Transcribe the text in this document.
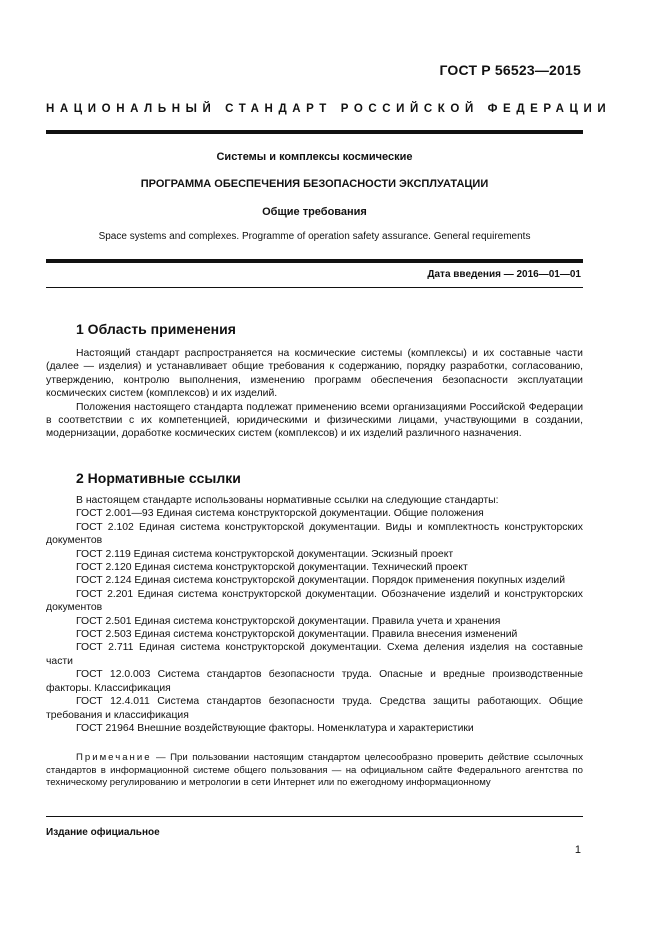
ГОСТ Р 56523—2015
НАЦИОНАЛЬНЫЙ СТАНДАРТ РОССИЙСКОЙ ФЕДЕРАЦИИ
Системы и комплексы космические
ПРОГРАММА ОБЕСПЕЧЕНИЯ БЕЗОПАСНОСТИ ЭКСПЛУАТАЦИИ
Общие требования
Space systems and complexes. Programme of operation safety assurance. General requirements
Дата введения — 2016—01—01
1 Область применения

Настоящий стандарт распространяется на космические системы (комплексы) и их составные части (далее — изделия) и устанавливает общие требования к содержанию, порядку разработки, согласованию, утверждению, контролю выполнения, изменению программ обеспечения безопасности эксплуатации космических систем (комплексов) и их изделий.

Положения настоящего стандарта подлежат применению всеми организациями Российской Федерации в соответствии с их компетенцией, юридическими и физическими лицами, участвующими в создании, модернизации, доработке космических систем (комплексов) и их изделий различного назначения.

2 Нормативные ссылки

В настоящем стандарте использованы нормативные ссылки на следующие стандарты:

ГОСТ 2.001—93 Единая система конструкторской документации. Общие положения

ГОСТ 2.102 Единая система конструкторской документации. Виды и комплектность конструкторских документов

ГОСТ 2.119 Единая система конструкторской документации. Эскизный проект

ГОСТ 2.120 Единая система конструкторской документации. Технический проект

ГОСТ 2.124 Единая система конструкторской документации. Порядок применения покупных изделий

ГОСТ 2.201 Единая система конструкторской документации. Обозначение изделий и конструкторских документов

ГОСТ 2.501 Единая система конструкторской документации. Правила учета и хранения

ГОСТ 2.503 Единая система конструкторской документации. Правила внесения изменений

ГОСТ 2.711 Единая система конструкторской документации. Схема деления изделия на составные части

ГОСТ 12.0.003 Система стандартов безопасности труда. Опасные и вредные производственные факторы. Классификация

ГОСТ 12.4.011 Система стандартов безопасности труда. Средства защиты работающих. Общие требования и классификация

ГОСТ 21964 Внешние воздействующие факторы. Номенклатура и характеристики

Примечание — При пользовании настоящим стандартом целесообразно проверить действие ссылочных стандартов в информационной системе общего пользования — на официальном сайте Федерального агентства по техническому регулированию и метрологии в сети Интернет или по ежегодному информационному

Издание официальное
1
